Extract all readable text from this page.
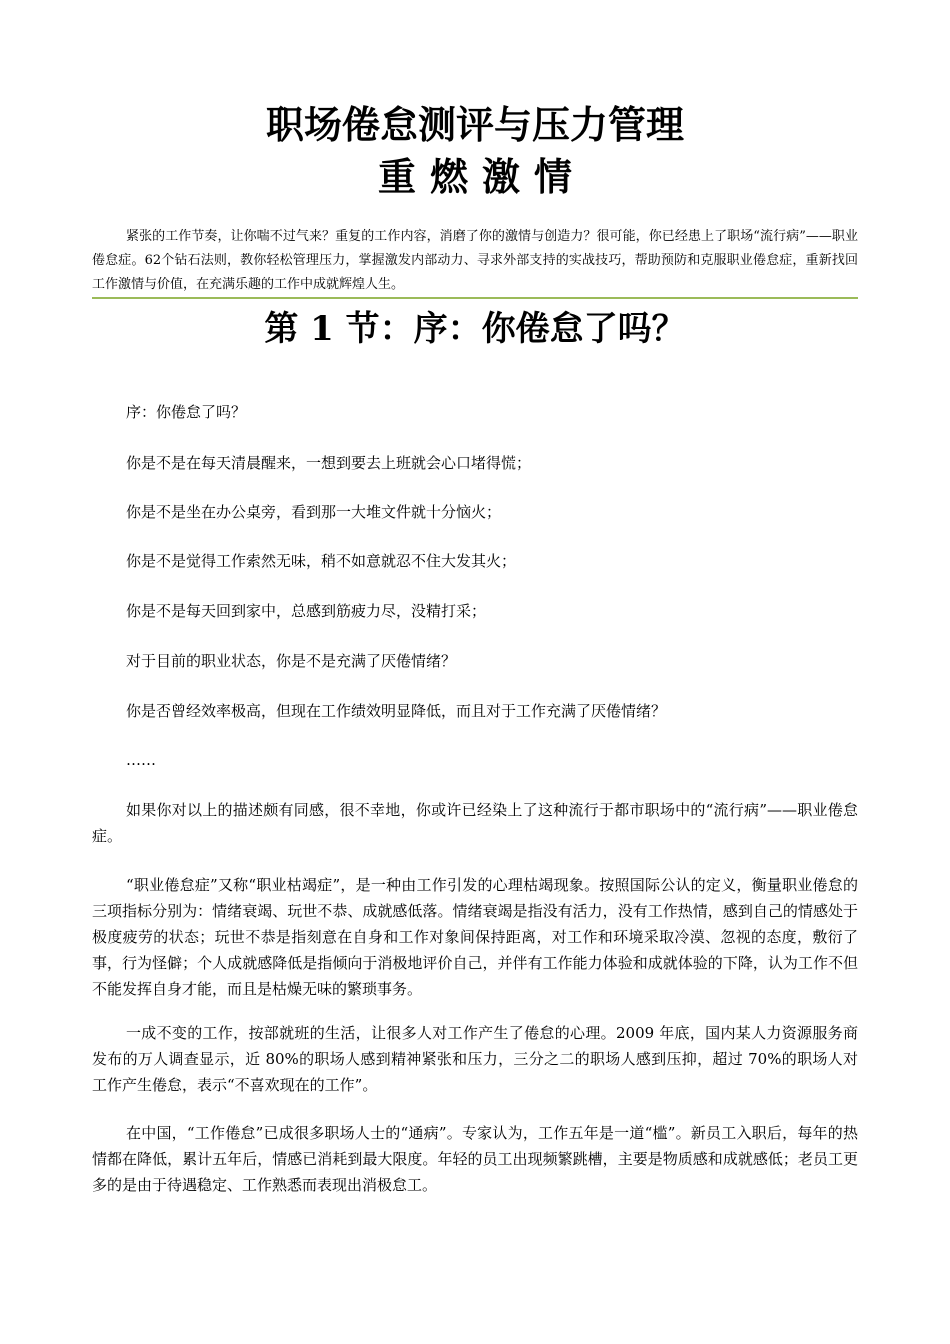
职场倦怠测评与压力管理
重燃激情

紧张的工作节奏，让你喘不过气来？重复的工作内容，消磨了你的激情与创造力？很可能，你已经患上了职场“流行病”——职业倦怠症。62个钻石法则，教你轻松管理压力，掌握激发内部动力、寻求外部支持的实战技巧，帮助预防和克服职业倦怠症，重新找回工作激情与价值，在充满乐趣的工作中成就辉煌人生。

第 1 节：序：你倦怠了吗？

序：你倦怠了吗？

你是不是在每天清晨醒来，一想到要去上班就会心口堵得慌；

你是不是坐在办公桌旁，看到那一大堆文件就十分恼火；

你是不是觉得工作索然无味，稍不如意就忍不住大发其火；

你是不是每天回到家中，总感到筋疲力尽，没精打采；

对于目前的职业状态，你是不是充满了厌倦情绪？

你是否曾经效率极高，但现在工作绩效明显降低，而且对于工作充满了厌倦情绪？

……

如果你对以上的描述颇有同感，很不幸地，你或许已经染上了这种流行于都市职场中的“流行病”——职业倦怠症。

“职业倦怠症”又称“职业枯竭症”，是一种由工作引发的心理枯竭现象。按照国际公认的定义，衡量职业倦怠的三项指标分别为：情绪衰竭、玩世不恭、成就感低落。情绪衰竭是指没有活力，没有工作热情，感到自己的情感处于极度疲劳的状态；玩世不恭是指刻意在自身和工作对象间保持距离，对工作和环境采取冷漠、忽视的态度，敷衍了事，行为怪僻；个人成就感降低是指倾向于消极地评价自己，并伴有工作能力体验和成就体验的下降，认为工作不但不能发挥自身才能，而且是枯燥无味的繁琐事务。

一成不变的工作，按部就班的生活，让很多人对工作产生了倦怠的心理。2009 年底，国内某人力资源服务商发布的万人调查显示，近 80%的职场人感到精神紧张和压力，三分之二的职场人感到压抑，超过 70%的职场人对工作产生倦怠，表示“不喜欢现在的工作”。

在中国，“工作倦怠”已成很多职场人士的“通病”。专家认为，工作五年是一道“槛”。新员工入职后，每年的热情都在降低，累计五年后，情感已消耗到最大限度。年轻的员工出现频繁跳槽，主要是物质感和成就感低；老员工更多的是由于待遇稳定、工作熟悉而表现出消极怠工。
